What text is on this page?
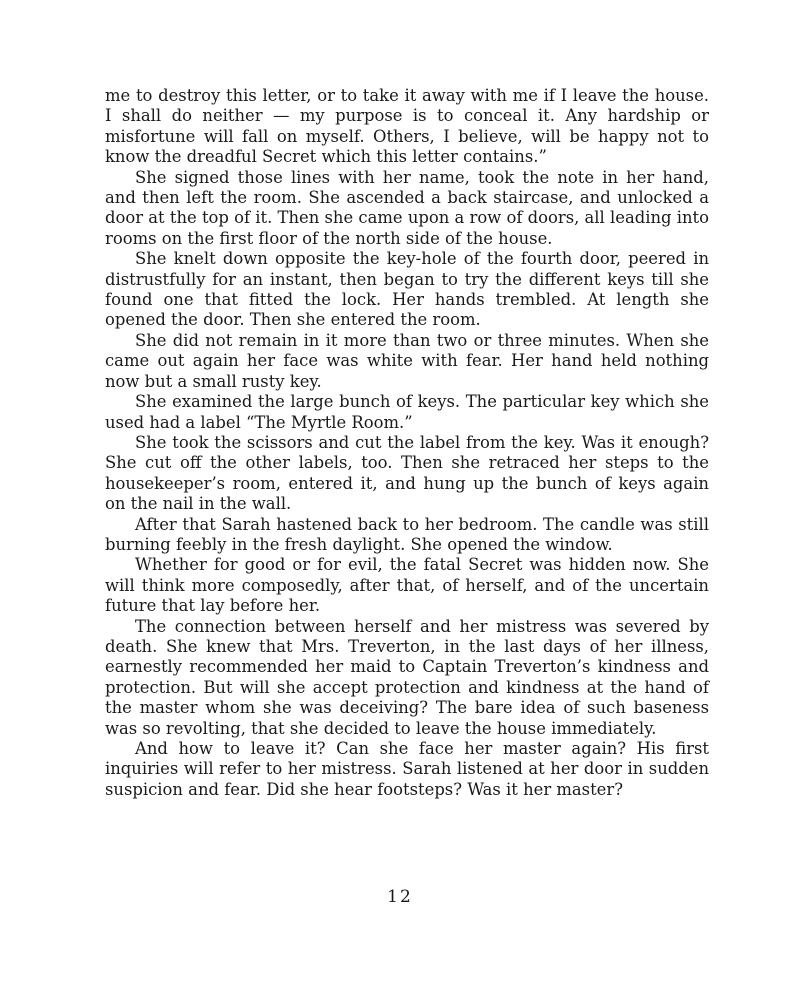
me to destroy this letter, or to take it away with me if I leave the house. I shall do neither — my purpose is to conceal it. Any hardship or misfortune will fall on myself. Others, I believe, will be happy not to know the dreadful Secret which this letter contains.”

She signed those lines with her name, took the note in her hand, and then left the room. She ascended a back staircase, and unlocked a door at the top of it. Then she came upon a row of doors, all leading into rooms on the first floor of the north side of the house.

She knelt down opposite the key-hole of the fourth door, peered in distrustfully for an instant, then began to try the different keys till she found one that fitted the lock. Her hands trembled. At length she opened the door. Then she entered the room.

She did not remain in it more than two or three minutes. When she came out again her face was white with fear. Her hand held nothing now but a small rusty key.

She examined the large bunch of keys. The particular key which she used had a label “The Myrtle Room.”

She took the scissors and cut the label from the key. Was it enough? She cut off the other labels, too. Then she retraced her steps to the housekeeper’s room, entered it, and hung up the bunch of keys again on the nail in the wall.

After that Sarah hastened back to her bedroom. The candle was still burning feebly in the fresh daylight. She opened the window.

Whether for good or for evil, the fatal Secret was hidden now. She will think more composedly, after that, of herself, and of the uncertain future that lay before her.

The connection between herself and her mistress was severed by death. She knew that Mrs. Treverton, in the last days of her illness, earnestly recommended her maid to Captain Treverton’s kindness and protection. But will she accept protection and kindness at the hand of the master whom she was deceiving? The bare idea of such baseness was so revolting, that she decided to leave the house immediately.

And how to leave it? Can she face her master again? His first inquiries will refer to her mistress. Sarah listened at her door in sudden suspicion and fear. Did she hear footsteps? Was it her master?

12
